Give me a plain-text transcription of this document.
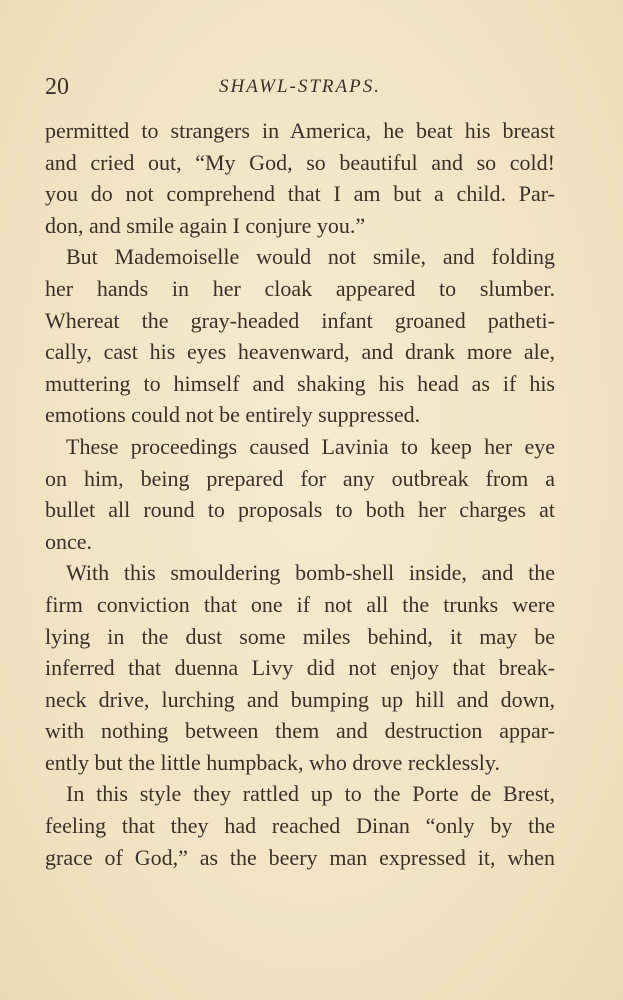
20	SHAWL-STRAPS.
permitted to strangers in America, he beat his breast
and cried out, “My God, so beautiful and so cold!
you do not comprehend that I am but a child. Par-
don, and smile again I conjure you.”
But Mademoiselle would not smile, and folding
her hands in her cloak appeared to slumber.
Whereat the gray-headed infant groaned patheti-
cally, cast his eyes heavenward, and drank more ale,
muttering to himself and shaking his head as if his
emotions could not be entirely suppressed.
These proceedings caused Lavinia to keep her eye
on him, being prepared for any outbreak from a
bullet all round to proposals to both her charges at
once.
With this smouldering bomb-shell inside, and the
firm conviction that one if not all the trunks were
lying in the dust some miles behind, it may be
inferred that duenna Livy did not enjoy that break-
neck drive, lurching and bumping up hill and down,
with nothing between them and destruction appar-
ently but the little humpback, who drove recklessly.
In this style they rattled up to the Porte de Brest,
feeling that they had reached Dinan “only by the
grace of God,” as the beery man expressed it, when
